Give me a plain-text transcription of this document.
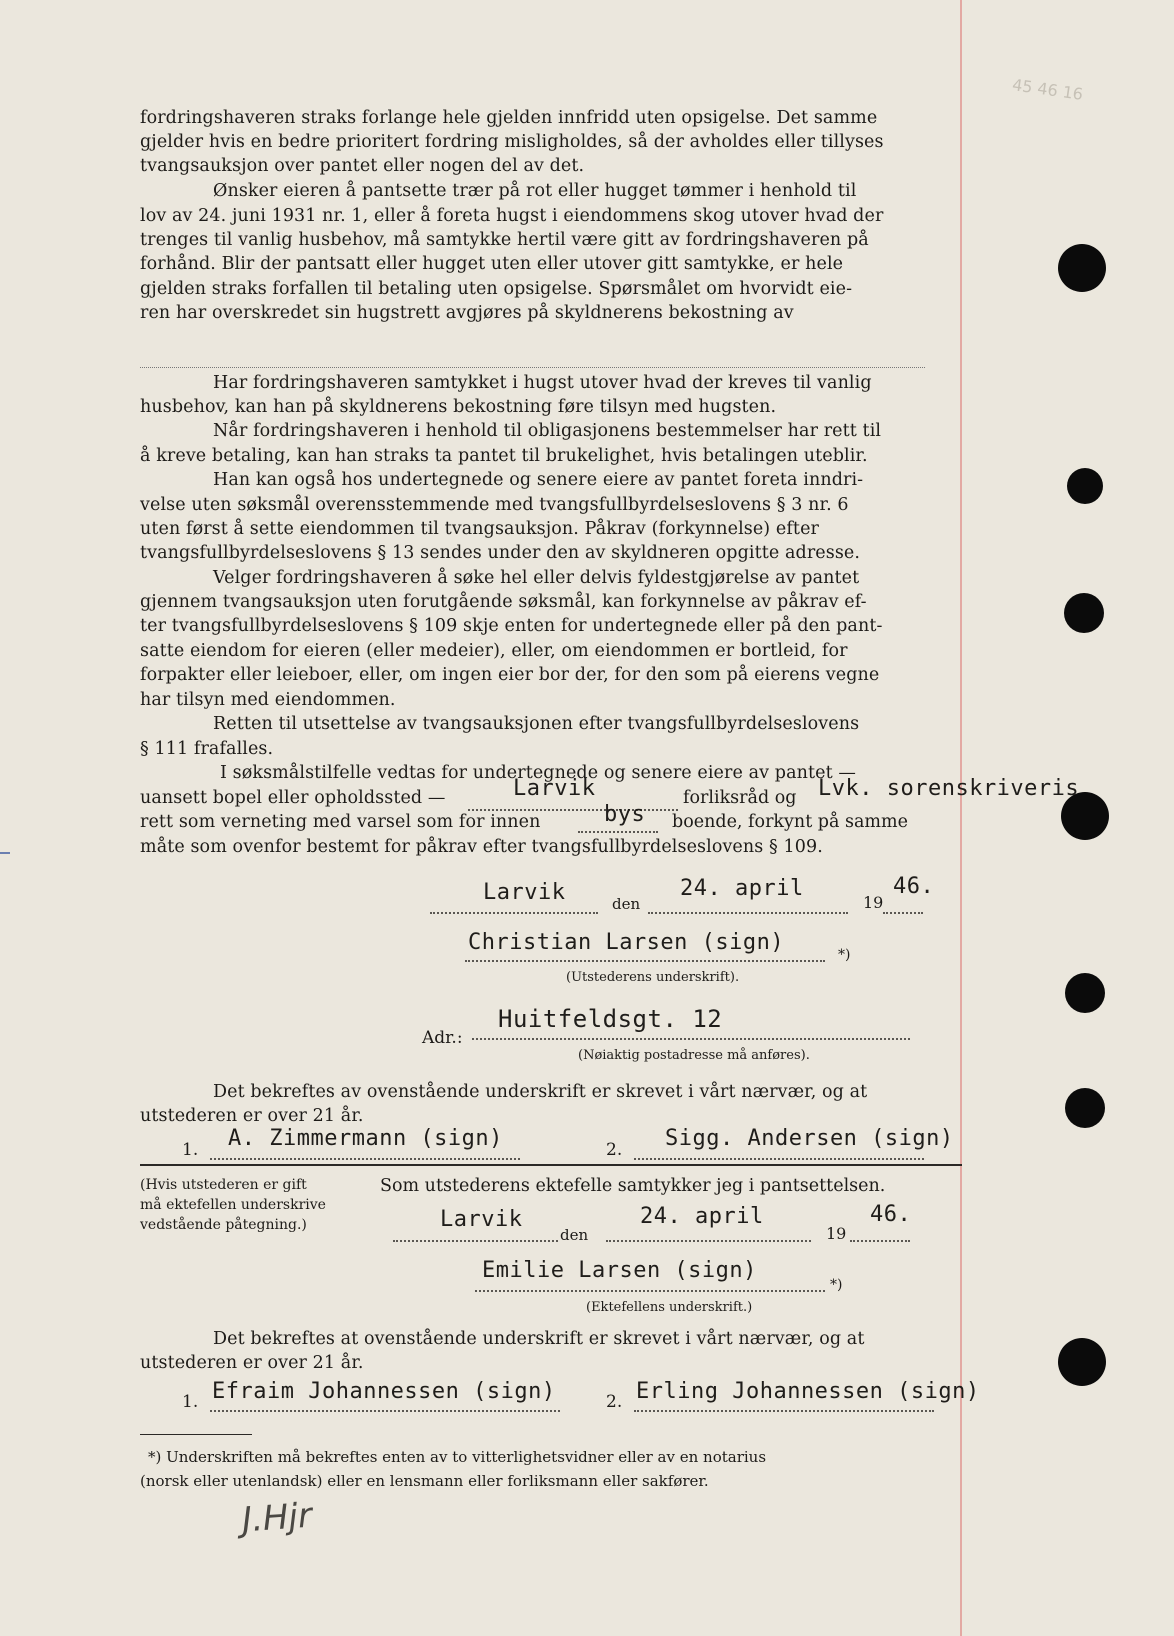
45 46 16
fordringshaveren straks forlange hele gjelden innfridd uten opsigelse. Det samme
gjelder hvis en bedre prioritert fordring misligholdes, så der avholdes eller tillyses
tvangsauksjon over pantet eller nogen del av det.
Ønsker eieren å pantsette trær på rot eller hugget tømmer i henhold til
lov av 24. juni 1931 nr. 1, eller å foreta hugst i eiendommens skog utover hvad der
trenges til vanlig husbehov, må samtykke hertil være gitt av fordringshaveren på
forhånd. Blir der pantsatt eller hugget uten eller utover gitt samtykke, er hele
gjelden straks forfallen til betaling uten opsigelse. Spørsmålet om hvorvidt eie-
ren har overskredet sin hugstrett avgjøres på skyldnerens bekostning av
Har fordringshaveren samtykket i hugst utover hvad der kreves til vanlig
husbehov, kan han på skyldnerens bekostning føre tilsyn med hugsten.
Når fordringshaveren i henhold til obligasjonens bestemmelser har rett til
å kreve betaling, kan han straks ta pantet til brukelighet, hvis betalingen uteblir.
Han kan også hos undertegnede og senere eiere av pantet foreta inndri-
velse uten søksmål overensstemmende med tvangsfullbyrdelseslovens § 3 nr. 6
uten først å sette eiendommen til tvangsauksjon. Påkrav (forkynnelse) efter
tvangsfullbyrdelseslovens § 13 sendes under den av skyldneren opgitte adresse.
Velger fordringshaveren å søke hel eller delvis fyldestgjørelse av pantet
gjennem tvangsauksjon uten forutgående søksmål, kan forkynnelse av påkrav ef-
ter tvangsfullbyrdelseslovens § 109 skje enten for undertegnede eller på den pant-
satte eiendom for eieren (eller medeier), eller, om eiendommen er bortleid, for
forpakter eller leieboer, eller, om ingen eier bor der, for den som på eierens vegne
har tilsyn med eiendommen.
Retten til utsettelse av tvangsauksjonen efter tvangsfullbyrdelseslovens
§ 111 frafalles.
I søksmålstilfelle vedtas for undertegnede og senere eiere av pantet —
uansett bopel eller opholdssted —	Larvik	forliksråd og Lvk. sorenskriveris
rett som verneting med varsel som for innen	bys boende, forkynt på samme
måte som ovenfor bestemt for påkrav efter tvangsfullbyrdelseslovens § 109.
Larvik	den
24. april
19
46.
Christian Larsen (sign)	*)
(Utstederens underskrift).
Adr.:
Huitfeldsgt. 12
(Nøiaktig postadresse må anføres).
Det bekreftes av ovenstående underskrift er skrevet i vårt nærvær, og at
utstederen er over 21 år.
1. A. Zimmermann (sign)	2. Sigg. Andersen (sign)
(Hvis utstederen er gift
må ektefellen underskrive
vedstående påtegning.)
Som utstederens ektefelle samtykker jeg i pantsettelsen.
Larvik
den
24. april
19
46.
Emilie Larsen (sign)
*)
(Ektefellens underskrift.)
Det bekreftes at ovenstående underskrift er skrevet i vårt nærvær, og at
utstederen er over 21 år.
1. Efraim Johannessen (sign)	2. Erling Johannessen (sign)
*) Underskriften må bekreftes enten av to vitterlighetsvidner eller av en notarius
(norsk eller utenlandsk) eller en lensmann eller forliksmann eller sakfører.
J.Hjr
